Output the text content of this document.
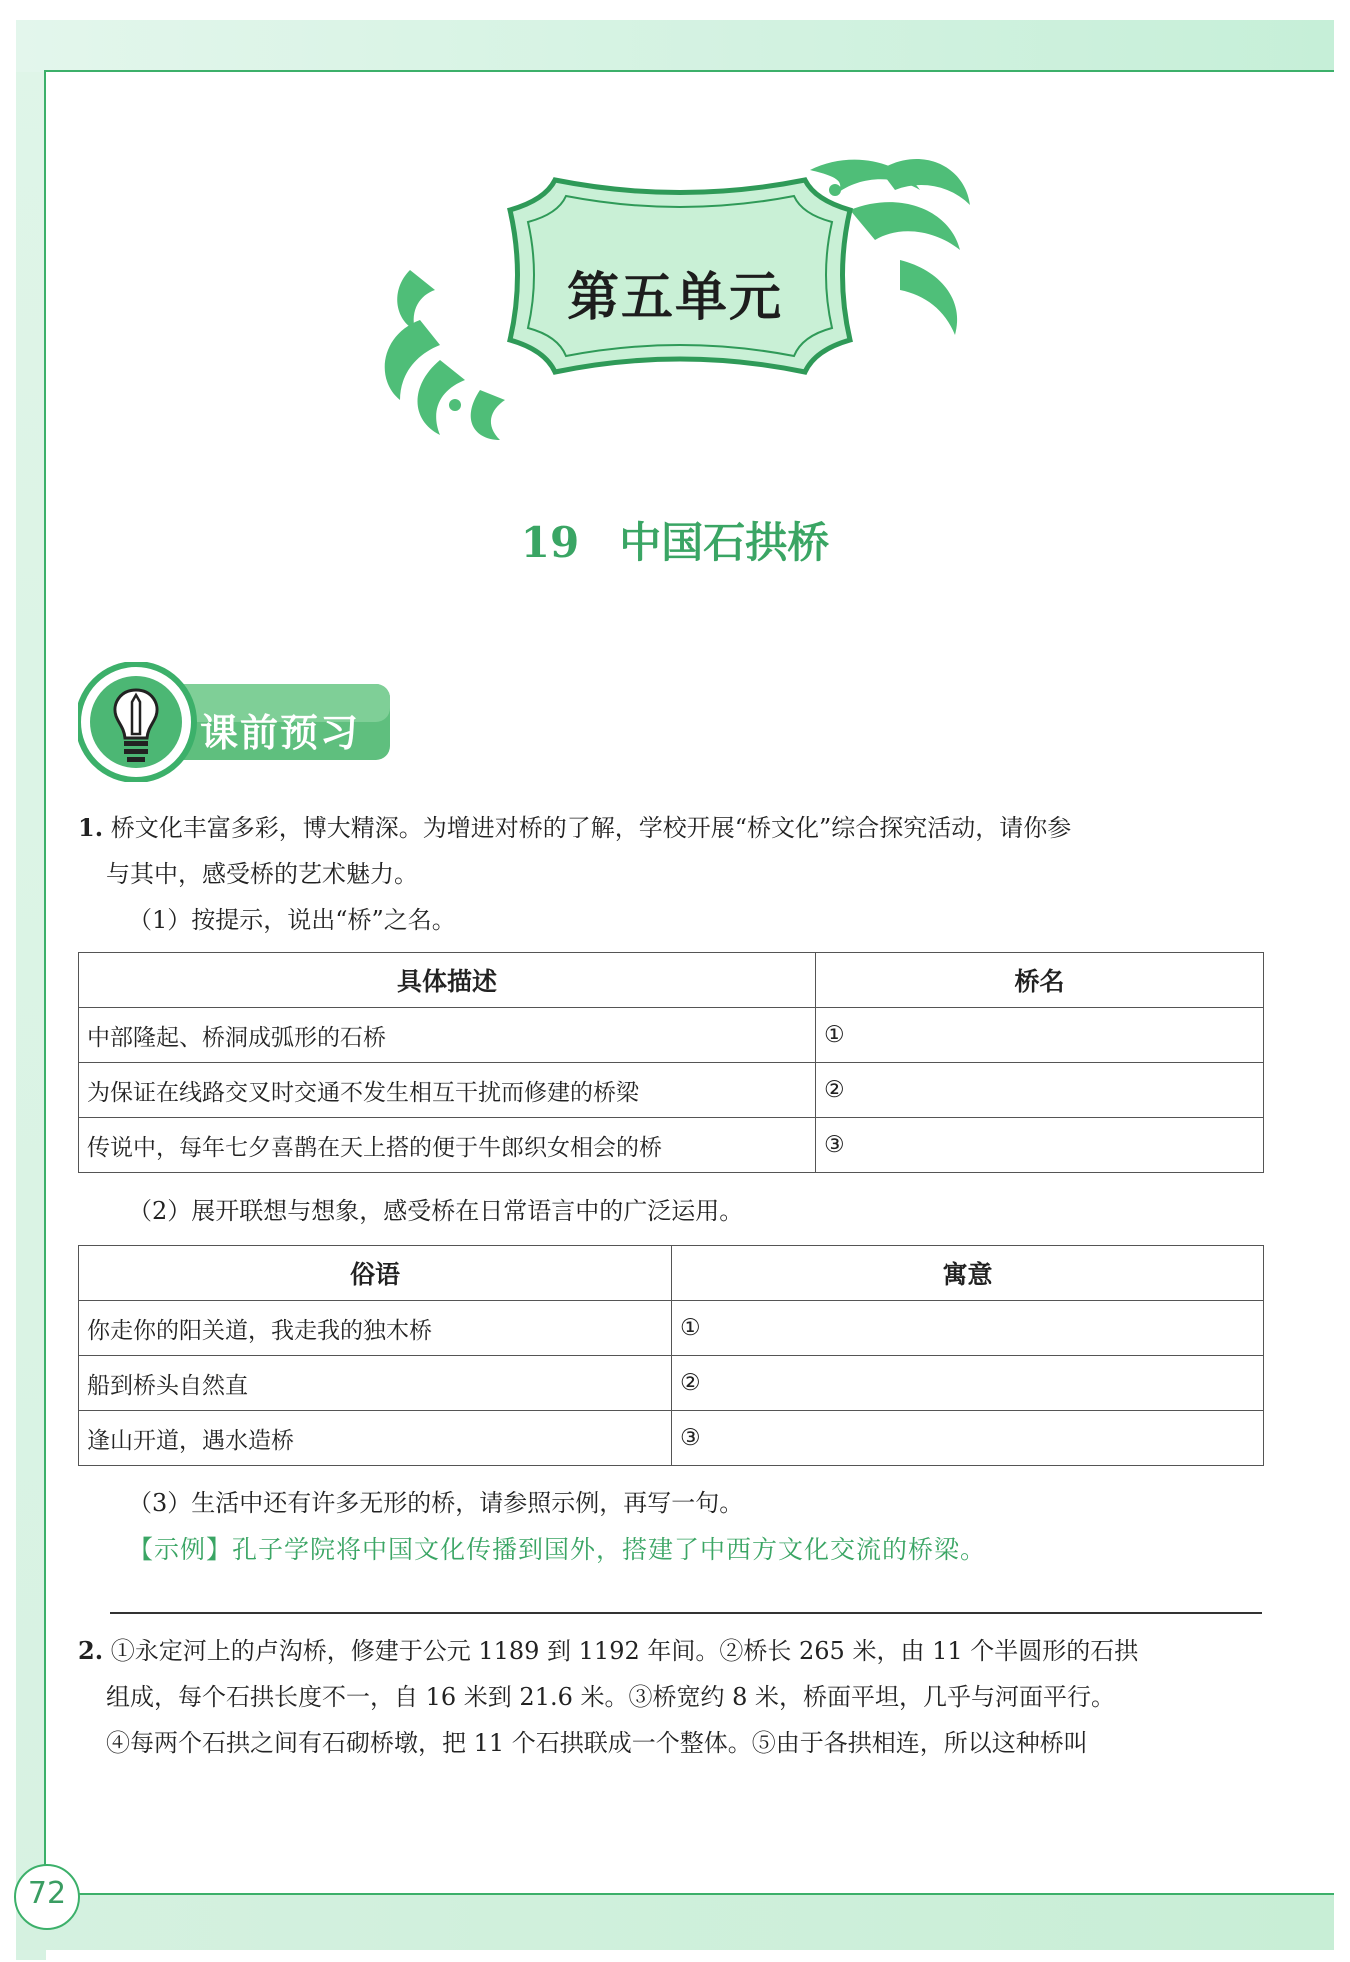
72
第五单元
19 中国石拱桥
课前预习
1. 桥文化丰富多彩，博大精深。为增进对桥的了解，学校开展“桥文化”综合探究活动，请你参
与其中，感受桥的艺术魅力。
（1）按提示，说出“桥”之名。
具体描述	桥名
中部隆起、桥洞成弧形的石桥	①
为保证在线路交叉时交通不发生相互干扰而修建的桥梁	②
传说中，每年七夕喜鹊在天上搭的便于牛郎织女相会的桥	③
（2）展开联想与想象，感受桥在日常语言中的广泛运用。
俗语	寓意
你走你的阳关道，我走我的独木桥	①
船到桥头自然直	②
逢山开道，遇水造桥	③
（3）生活中还有许多无形的桥，请参照示例，再写一句。
【示例】孔子学院将中国文化传播到国外，搭建了中西方文化交流的桥梁。
2. ①永定河上的卢沟桥，修建于公元 1189 到 1192 年间。②桥长 265 米，由 11 个半圆形的石拱
组成，每个石拱长度不一，自 16 米到 21.6 米。③桥宽约 8 米，桥面平坦，几乎与河面平行。
④每两个石拱之间有石砌桥墩，把 11 个石拱联成一个整体。⑤由于各拱相连，所以这种桥叫
